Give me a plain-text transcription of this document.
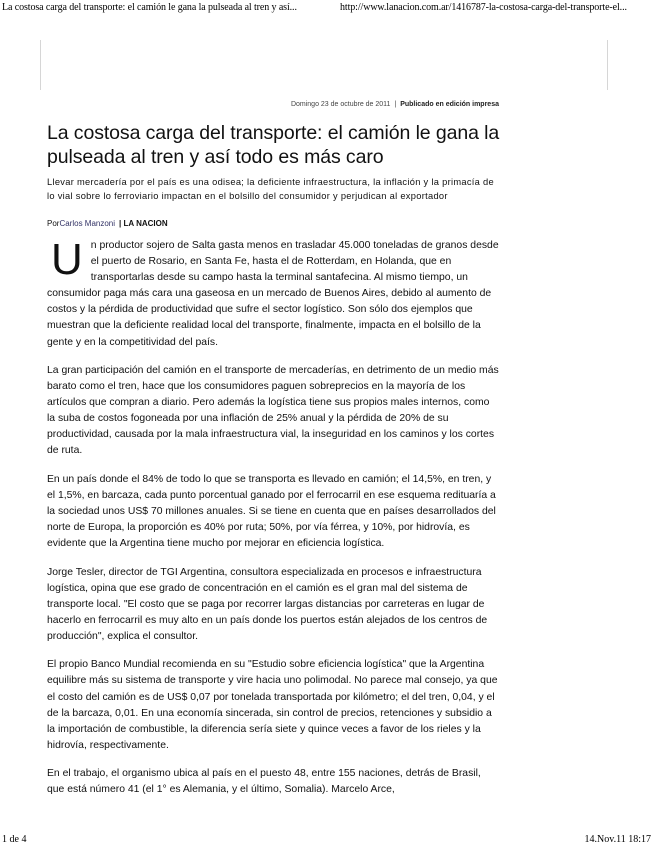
La costosa carga del transporte: el camión le gana la pulseada al tren y así...	http://www.lanacion.com.ar/1416787-la-costosa-carga-del-transporte-el...
Domingo 23 de octubre de 2011 | Publicado en edición impresa
La costosa carga del transporte: el camión le gana la pulseada al tren y así todo es más caro

Llevar mercadería por el país es una odisea; la deficiente infraestructura, la inflación y la primacía de lo vial sobre lo ferroviario impactan en el bolsillo del consumidor y perjudican al exportador

PorCarlos Manzoni | LA NACION

Un productor sojero de Salta gasta menos en trasladar 45.000 toneladas de granos desde el puerto de Rosario, en Santa Fe, hasta el de Rotterdam, en Holanda, que en transportarlas desde su campo hasta la terminal santafecina. Al mismo tiempo, un consumidor paga más cara una gaseosa en un mercado de Buenos Aires, debido al aumento de costos y la pérdida de productividad que sufre el sector logístico. Son sólo dos ejemplos que muestran que la deficiente realidad local del transporte, finalmente, impacta en el bolsillo de la gente y en la competitividad del país.

La gran participación del camión en el transporte de mercaderías, en detrimento de un medio más barato como el tren, hace que los consumidores paguen sobreprecios en la mayoría de los artículos que compran a diario. Pero además la logística tiene sus propios males internos, como la suba de costos fogoneada por una inflación de 25% anual y la pérdida de 20% de su productividad, causada por la mala infraestructura vial, la inseguridad en los caminos y los cortes de ruta.

En un país donde el 84% de todo lo que se transporta es llevado en camión; el 14,5%, en tren, y el 1,5%, en barcaza, cada punto porcentual ganado por el ferrocarril en ese esquema redituaría a la sociedad unos US$ 70 millones anuales. Si se tiene en cuenta que en países desarrollados del norte de Europa, la proporción es 40% por ruta; 50%, por vía férrea, y 10%, por hidrovía, es evidente que la Argentina tiene mucho por mejorar en eficiencia logística.

Jorge Tesler, director de TGI Argentina, consultora especializada en procesos e infraestructura logística, opina que ese grado de concentración en el camión es el gran mal del sistema de transporte local. "El costo que se paga por recorrer largas distancias por carreteras en lugar de hacerlo en ferrocarril es muy alto en un país donde los puertos están alejados de los centros de producción", explica el consultor.

El propio Banco Mundial recomienda en su "Estudio sobre eficiencia logística" que la Argentina equilibre más su sistema de transporte y vire hacia uno polimodal. No parece mal consejo, ya que el costo del camión es de US$ 0,07 por tonelada transportada por kilómetro; el del tren, 0,04, y el de la barcaza, 0,01. En una economía sincerada, sin control de precios, retenciones y subsidio a la importación de combustible, la diferencia sería siete y quince veces a favor de los rieles y la hidrovía, respectivamente.

En el trabajo, el organismo ubica al país en el puesto 48, entre 155 naciones, detrás de Brasil, que está número 41 (el 1° es Alemania, y el último, Somalia). Marcelo Arce,

1 de 4	14.Nov.11 18:17
